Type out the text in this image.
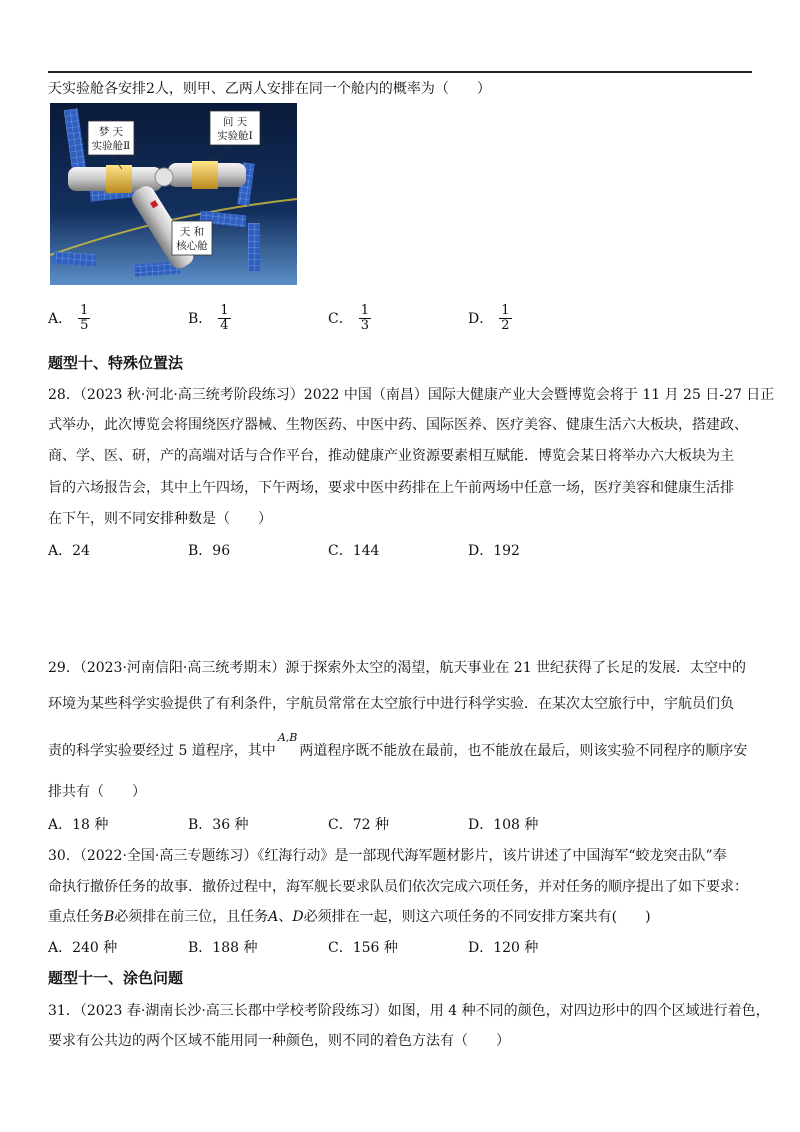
天实验舱各安排2人，则甲、乙两人安排在同一个舱内的概率为（　　）
梦 天
实验舱Ⅱ
问 天
实验舱Ⅰ
天 和
核心舱
A． $\frac{1}{5}$	B． $\frac{1}{4}$	C． $\frac{1}{3}$	D． $\frac{1}{2}$
题型十、特殊位置法
28．（2023 秋·河北·高三统考阶段练习）2022 中国（南昌）国际大健康产业大会暨博览会将于 11 月 25 日-27 日正
式举办，此次博览会将围绕医疗器械、生物医药、中医中药、国际医养、医疗美容、健康生活六大板块，搭建政、
商、学、医、研，产的高端对话与合作平台，推动健康产业资源要素相互赋能．博览会某日将举办六大板块为主
旨的六场报告会，其中上午四场，下午两场，要求中医中药排在上午前两场中任意一场，医疗美容和健康生活排
在下午，则不同安排种数是（　　）
A．24	B．96	C．144	D．192
29．（2023·河南信阳·高三统考期末）源于探索外太空的渴望，航天事业在 21 世纪获得了长足的发展．太空中的
环境为某些科学实验提供了有利条件，宇航员常常在太空旅行中进行科学实验．在某次太空旅行中，宇航员们负
责的科学实验要经过 5 道程序，其中$^{A,B}$两道程序既不能放在最前，也不能放在最后，则该实验不同程序的顺序安
排共有（　　）
A．18 种	B．36 种	C．72 种	D．108 种
30．（2022·全国·高三专题练习）《红海行动》是一部现代海军题材影片，该片讲述了中国海军“蛟龙突击队”奉
命执行撤侨任务的故事．撤侨过程中，海军舰长要求队员们依次完成六项任务，并对任务的顺序提出了如下要求：
重点任务B必须排在前三位，且任务A、D必须排在一起，则这六项任务的不同安排方案共有(　　)
A．240 种	B．188 种	C．156 种	D．120 种
题型十一、涂色问题
31．（2023 春·湖南长沙·高三长郡中学校考阶段练习）如图，用 4 种不同的颜色，对四边形中的四个区域进行着色，
要求有公共边的两个区域不能用同一种颜色，则不同的着色方法有（　　）
